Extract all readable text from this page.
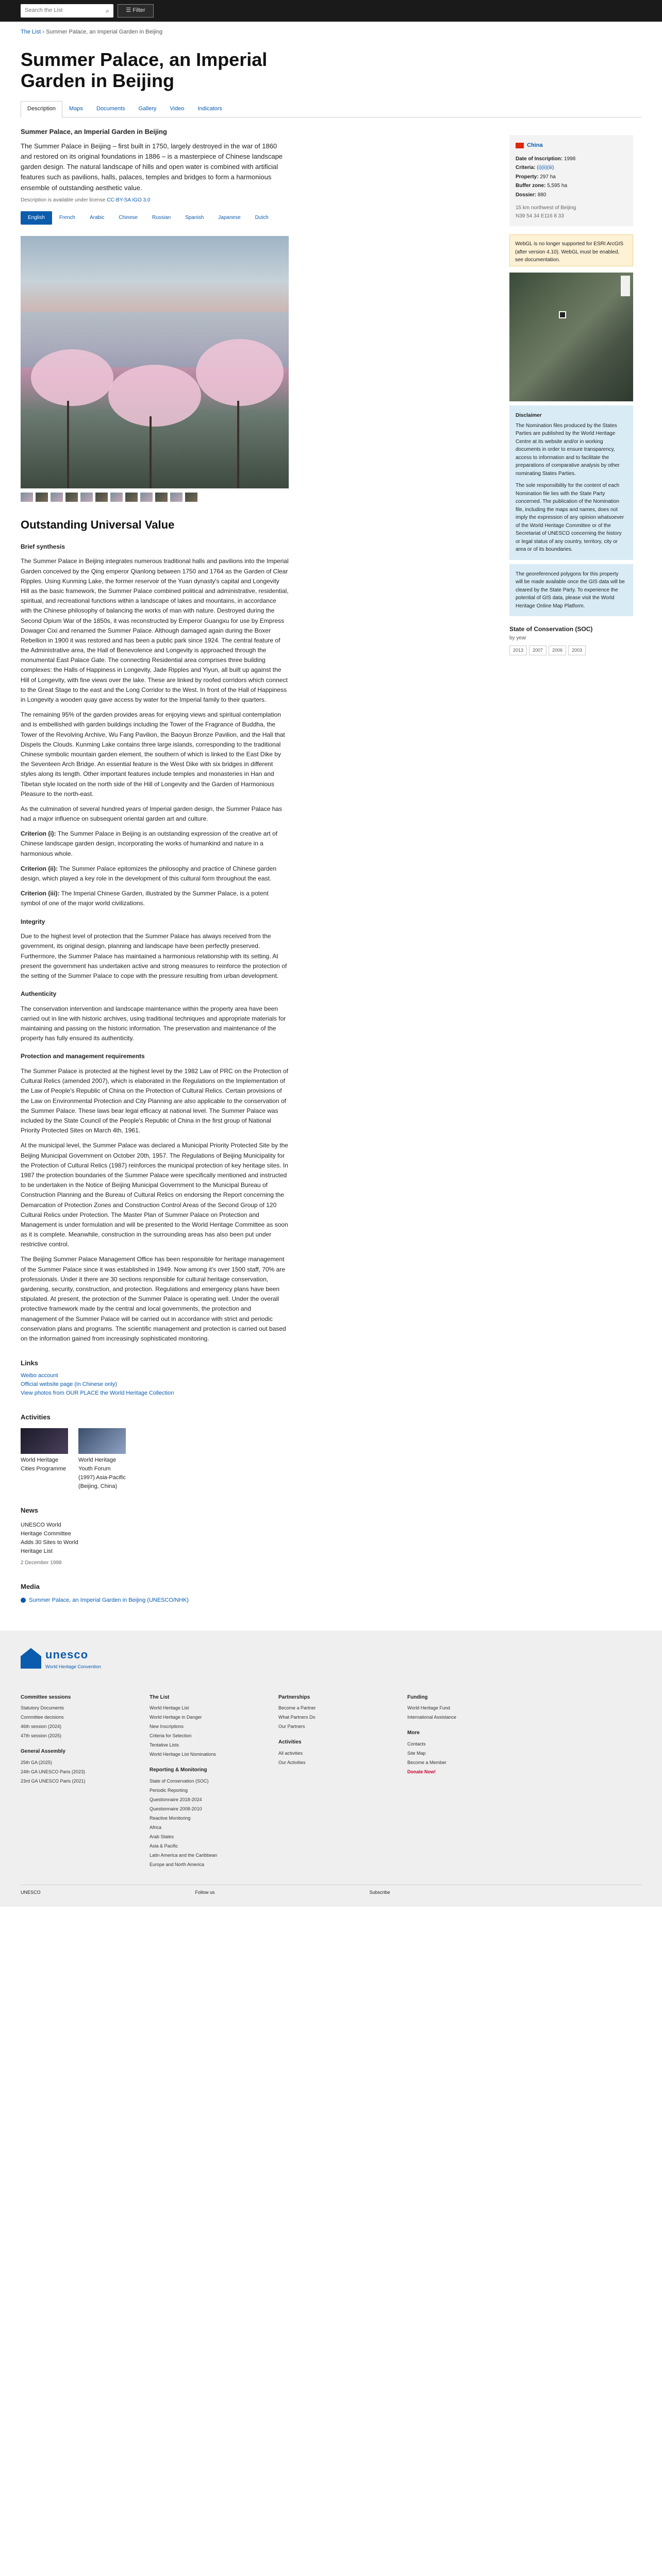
Search the List	⌕	☰ Filter
The List › Summer Palace, an Imperial Garden in Beijing
Summer Palace, an Imperial Garden in Beijing
Description	Maps	Documents	Gallery	Video	Indicators
Summer Palace, an Imperial Garden in Beijing

The Summer Palace in Beijing – first built in 1750, largely destroyed in the war of 1860 and restored on its original foundations in 1886 – is a masterpiece of Chinese landscape garden design. The natural landscape of hills and open water is combined with artificial features such as pavilions, halls, palaces, temples and bridges to form a harmonious ensemble of outstanding aesthetic value.

Description is available under license CC-BY-SA IGO 3.0
English	French	Arabic	Chinese	Russian	Spanish	Japanese	Dutch
Outstanding Universal Value
Brief synthesis

The Summer Palace in Beijing integrates numerous traditional halls and pavilions into the Imperial Garden conceived by the Qing emperor Qianlong between 1750 and 1764 as the Garden of Clear Ripples. Using Kunming Lake, the former reservoir of the Yuan dynasty's capital and Longevity Hill as the basic framework, the Summer Palace combined political and administrative, residential, spiritual, and recreational functions within a landscape of lakes and mountains, in accordance with the Chinese philosophy of balancing the works of man with nature. Destroyed during the Second Opium War of the 1850s, it was reconstructed by Emperor Guangxu for use by Empress Dowager Cixi and renamed the Summer Palace. Although damaged again during the Boxer Rebellion in 1900 it was restored and has been a public park since 1924. The central feature of the Administrative area, the Hall of Benevolence and Longevity is approached through the monumental East Palace Gate. The connecting Residential area comprises three building complexes: the Halls of Happiness in Longevity, Jade Ripples and Yiyun, all built up against the Hill of Longevity, with fine views over the lake. These are linked by roofed corridors which connect to the Great Stage to the east and the Long Corridor to the West. In front of the Hall of Happiness in Longevity a wooden quay gave access by water for the Imperial family to their quarters.

The remaining 95% of the garden provides areas for enjoying views and spiritual contemplation and is embellished with garden buildings including the Tower of the Fragrance of Buddha, the Tower of the Revolving Archive, Wu Fang Pavilion, the Baoyun Bronze Pavilion, and the Hall that Dispels the Clouds. Kunming Lake contains three large islands, corresponding to the traditional Chinese symbolic mountain garden element, the southern of which is linked to the East Dike by the Seventeen Arch Bridge. An essential feature is the West Dike with six bridges in different styles along its length. Other important features include temples and monasteries in Han and Tibetan style located on the north side of the Hill of Longevity and the Garden of Harmonious Pleasure to the north-east.

As the culmination of several hundred years of Imperial garden design, the Summer Palace has had a major influence on subsequent oriental garden art and culture.

Criterion (i): The Summer Palace in Beijing is an outstanding expression of the creative art of Chinese landscape garden design, incorporating the works of humankind and nature in a harmonious whole.

Criterion (ii): The Summer Palace epitomizes the philosophy and practice of Chinese garden design, which played a key role in the development of this cultural form throughout the east.

Criterion (iii): The Imperial Chinese Garden, illustrated by the Summer Palace, is a potent symbol of one of the major world civilizations.

Integrity

Due to the highest level of protection that the Summer Palace has always received from the government, its original design, planning and landscape have been perfectly preserved. Furthermore, the Summer Palace has maintained a harmonious relationship with its setting. At present the government has undertaken active and strong measures to reinforce the protection of the setting of the Summer Palace to cope with the pressure resulting from urban development.

Authenticity

The conservation intervention and landscape maintenance within the property area have been carried out in line with historic archives, using traditional techniques and appropriate materials for maintaining and passing on the historic information. The preservation and maintenance of the property has fully ensured its authenticity.

Protection and management requirements

The Summer Palace is protected at the highest level by the 1982 Law of PRC on the Protection of Cultural Relics (amended 2007), which is elaborated in the Regulations on the Implementation of the Law of People's Republic of China on the Protection of Cultural Relics. Certain provisions of the Law on Environmental Protection and City Planning are also applicable to the conservation of the Summer Palace. These laws bear legal efficacy at national level. The Summer Palace was included by the State Council of the People's Republic of China in the first group of National Priority Protected Sites on March 4th, 1961.

At the municipal level, the Summer Palace was declared a Municipal Priority Protected Site by the Beijing Municipal Government on October 20th, 1957. The Regulations of Beijing Municipality for the Protection of Cultural Relics (1987) reinforces the municipal protection of key heritage sites. In 1987 the protection boundaries of the Summer Palace were specifically mentioned and instructed to be undertaken in the Notice of Beijing Municipal Government to the Municipal Bureau of Construction Planning and the Bureau of Cultural Relics on endorsing the Report concerning the Demarcation of Protection Zones and Construction Control Areas of the Second Group of 120 Cultural Relics under Protection. The Master Plan of Summer Palace on Protection and Management is under formulation and will be presented to the World Heritage Committee as soon as it is complete. Meanwhile, construction in the surrounding areas has also been put under restrictive control.

The Beijing Summer Palace Management Office has been responsible for heritage management of the Summer Palace since it was established in 1949. Now among it's over 1500 staff, 70% are professionals. Under it there are 30 sections responsible for cultural heritage conservation, gardening, security, construction, and protection. Regulations and emergency plans have been stipulated. At present, the protection of the Summer Palace is operating well. Under the overall protective framework made by the central and local governments, the protection and management of the Summer Palace will be carried out in accordance with strict and periodic conservation plans and programs. The scientific management and protection is carried out based on the information gained from increasingly sophisticated monitoring.

Links
Weibo account
Official website page (in Chinese only)
View photos from OUR PLACE the World Heritage Collection
Activities
World Heritage Cities Programme
World Heritage Youth Forum (1997) Asia-Pacific (Beijing, China)
News
UNESCO World Heritage Committee Adds 30 Sites to World Heritage List
2 December 1998
Media
Summer Palace, an Imperial Garden in Beijing (UNESCO/NHK)
China
Date of Inscription: 1998
Criteria: (i)(ii)(iii)
Property: 297 ha
Buffer zone: 5,595 ha
Dossier: 880
15 km northwest of Beijing
N39 54 34 E116 8 33
WebGL is no longer supported for ESRI ArcGIS (after version 4.10). WebGL must be enabled, see documentation.
Disclaimer
The Nomination files produced by the States Parties are published by the World Heritage Centre at its website and/or in working documents in order to ensure transparency, access to information and to facilitate the preparations of comparative analysis by other nominating States Parties.

The sole responsibility for the content of each Nomination file lies with the State Party concerned. The publication of the Nomination file, including the maps and names, does not imply the expression of any opinion whatsoever of the World Heritage Committee or of the Secretariat of UNESCO concerning the history or legal status of any country, territory, city or area or of its boundaries.

The georeferenced polygons for this property will be made available once the GIS data will be cleared by the State Party. To experience the potential of GIS data, please visit the World Heritage Online Map Platform.
State of Conservation (SOC)
by year
2013	2007	2006	2003
unesco
World Heritage Convention
Committee sessions
Statutory Documents
Committee decisions
46th session (2024)
47th session (2025)
General Assembly
25th GA (2025)
24th GA UNESCO Paris (2023)
23rd GA UNESCO Paris (2021)
The List
World Heritage List
World Heritage in Danger
New Inscriptions
Criteria for Selection
Tentative Lists
World Heritage List Nominations
Reporting & Monitoring
State of Conservation (SOC)
Periodic Reporting
Questionnaire 2018-2024
Questionnaire 2008-2010
Reactive Monitoring
Africa
Arab States
Asia & Pacific
Latin America and the Caribbean
Europe and North America
Partnerships
Become a Partner
What Partners Do
Our Partners
Activities
All activities
Our Activities
Funding
World Heritage Fund
International Assistance
More
Contacts
Site Map
Become a Member
Donate Now!
UNESCO	Follow us	Subscribe
